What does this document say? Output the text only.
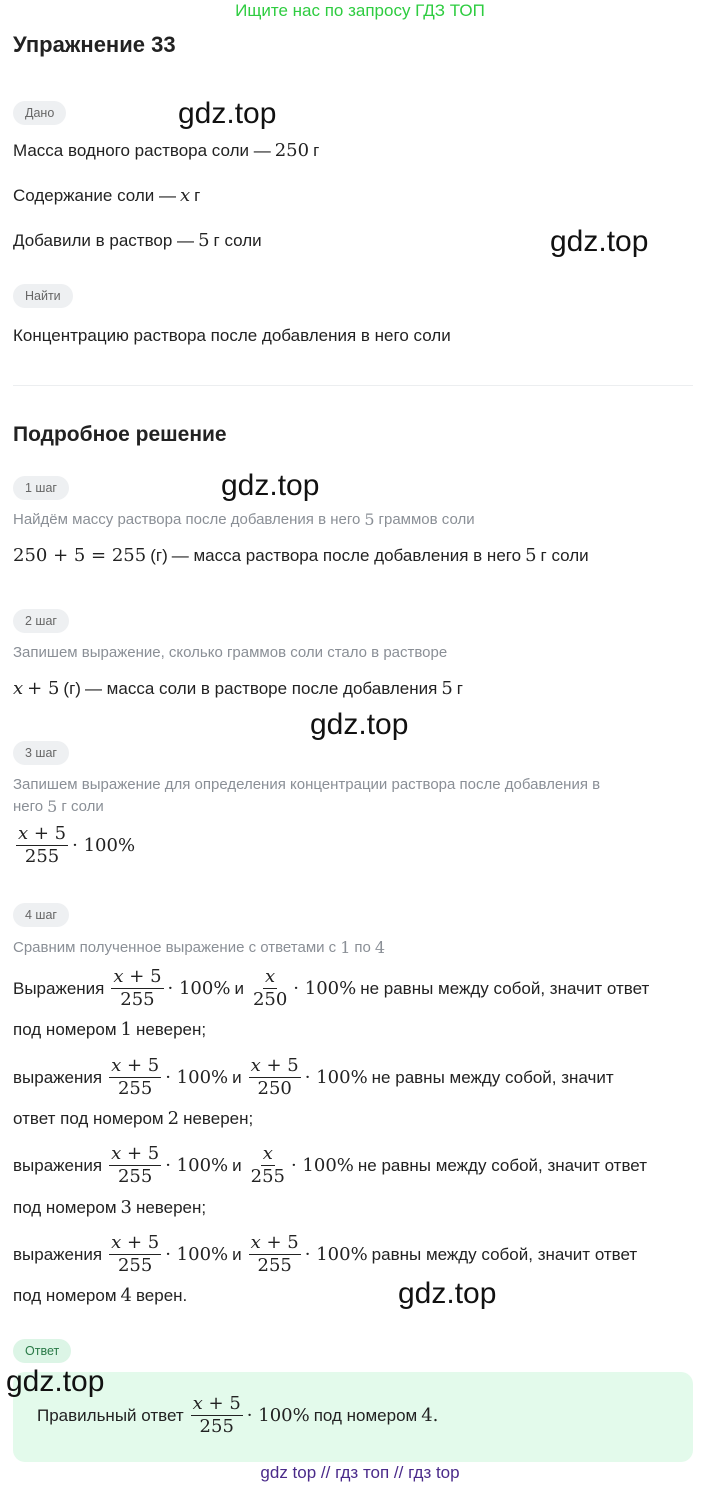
Ищите нас по запросу ГДЗ ТОП
Упражнение 33
Дано	gdz.top
Масса водного раствора соли — 250 г
Содержание соли — x г
Добавили в раствор — 5 г соли	gdz.top
Найти
Концентрацию раствора после добавления в него соли
Подробное решение
1 шаг	gdz.top
Найдём массу раствора после добавления в него 5 граммов соли
250 + 5 = 255 (г) — масса раствора после добавления в него 5 г соли
2 шаг
Запишем выражение, сколько граммов соли стало в растворе
x + 5 (г) — масса соли в растворе после добавления 5 г
gdz.top
3 шаг
Запишем выражение для определения концентрации раствора после добавления в
него 5 г соли
$\frac{x + 5}{255} \cdot 100\%$
4 шаг
Сравним полученное выражение с ответами с 1 по 4
Выражения $\frac{x + 5}{255} \cdot 100\%$ и $\frac{x}{250} \cdot 100\%$ не равны между собой, значит ответ
под номером 1 неверен;
выражения $\frac{x + 5}{255} \cdot 100\%$ и $\frac{x + 5}{250} \cdot 100\%$ не равны между собой, значит
ответ под номером 2 неверен;
выражения $\frac{x + 5}{255} \cdot 100\%$ и $\frac{x}{255} \cdot 100\%$ не равны между собой, значит ответ
под номером 3 неверен;
выражения $\frac{x + 5}{255} \cdot 100\%$ и $\frac{x + 5}{255} \cdot 100\%$ равны между собой, значит ответ
под номером 4 верен.	gdz.top
Ответ
gdz.top
Правильный ответ $\frac{x + 5}{255} \cdot 100\%$ под номером 4.
gdz top // гдз топ // гдз top
